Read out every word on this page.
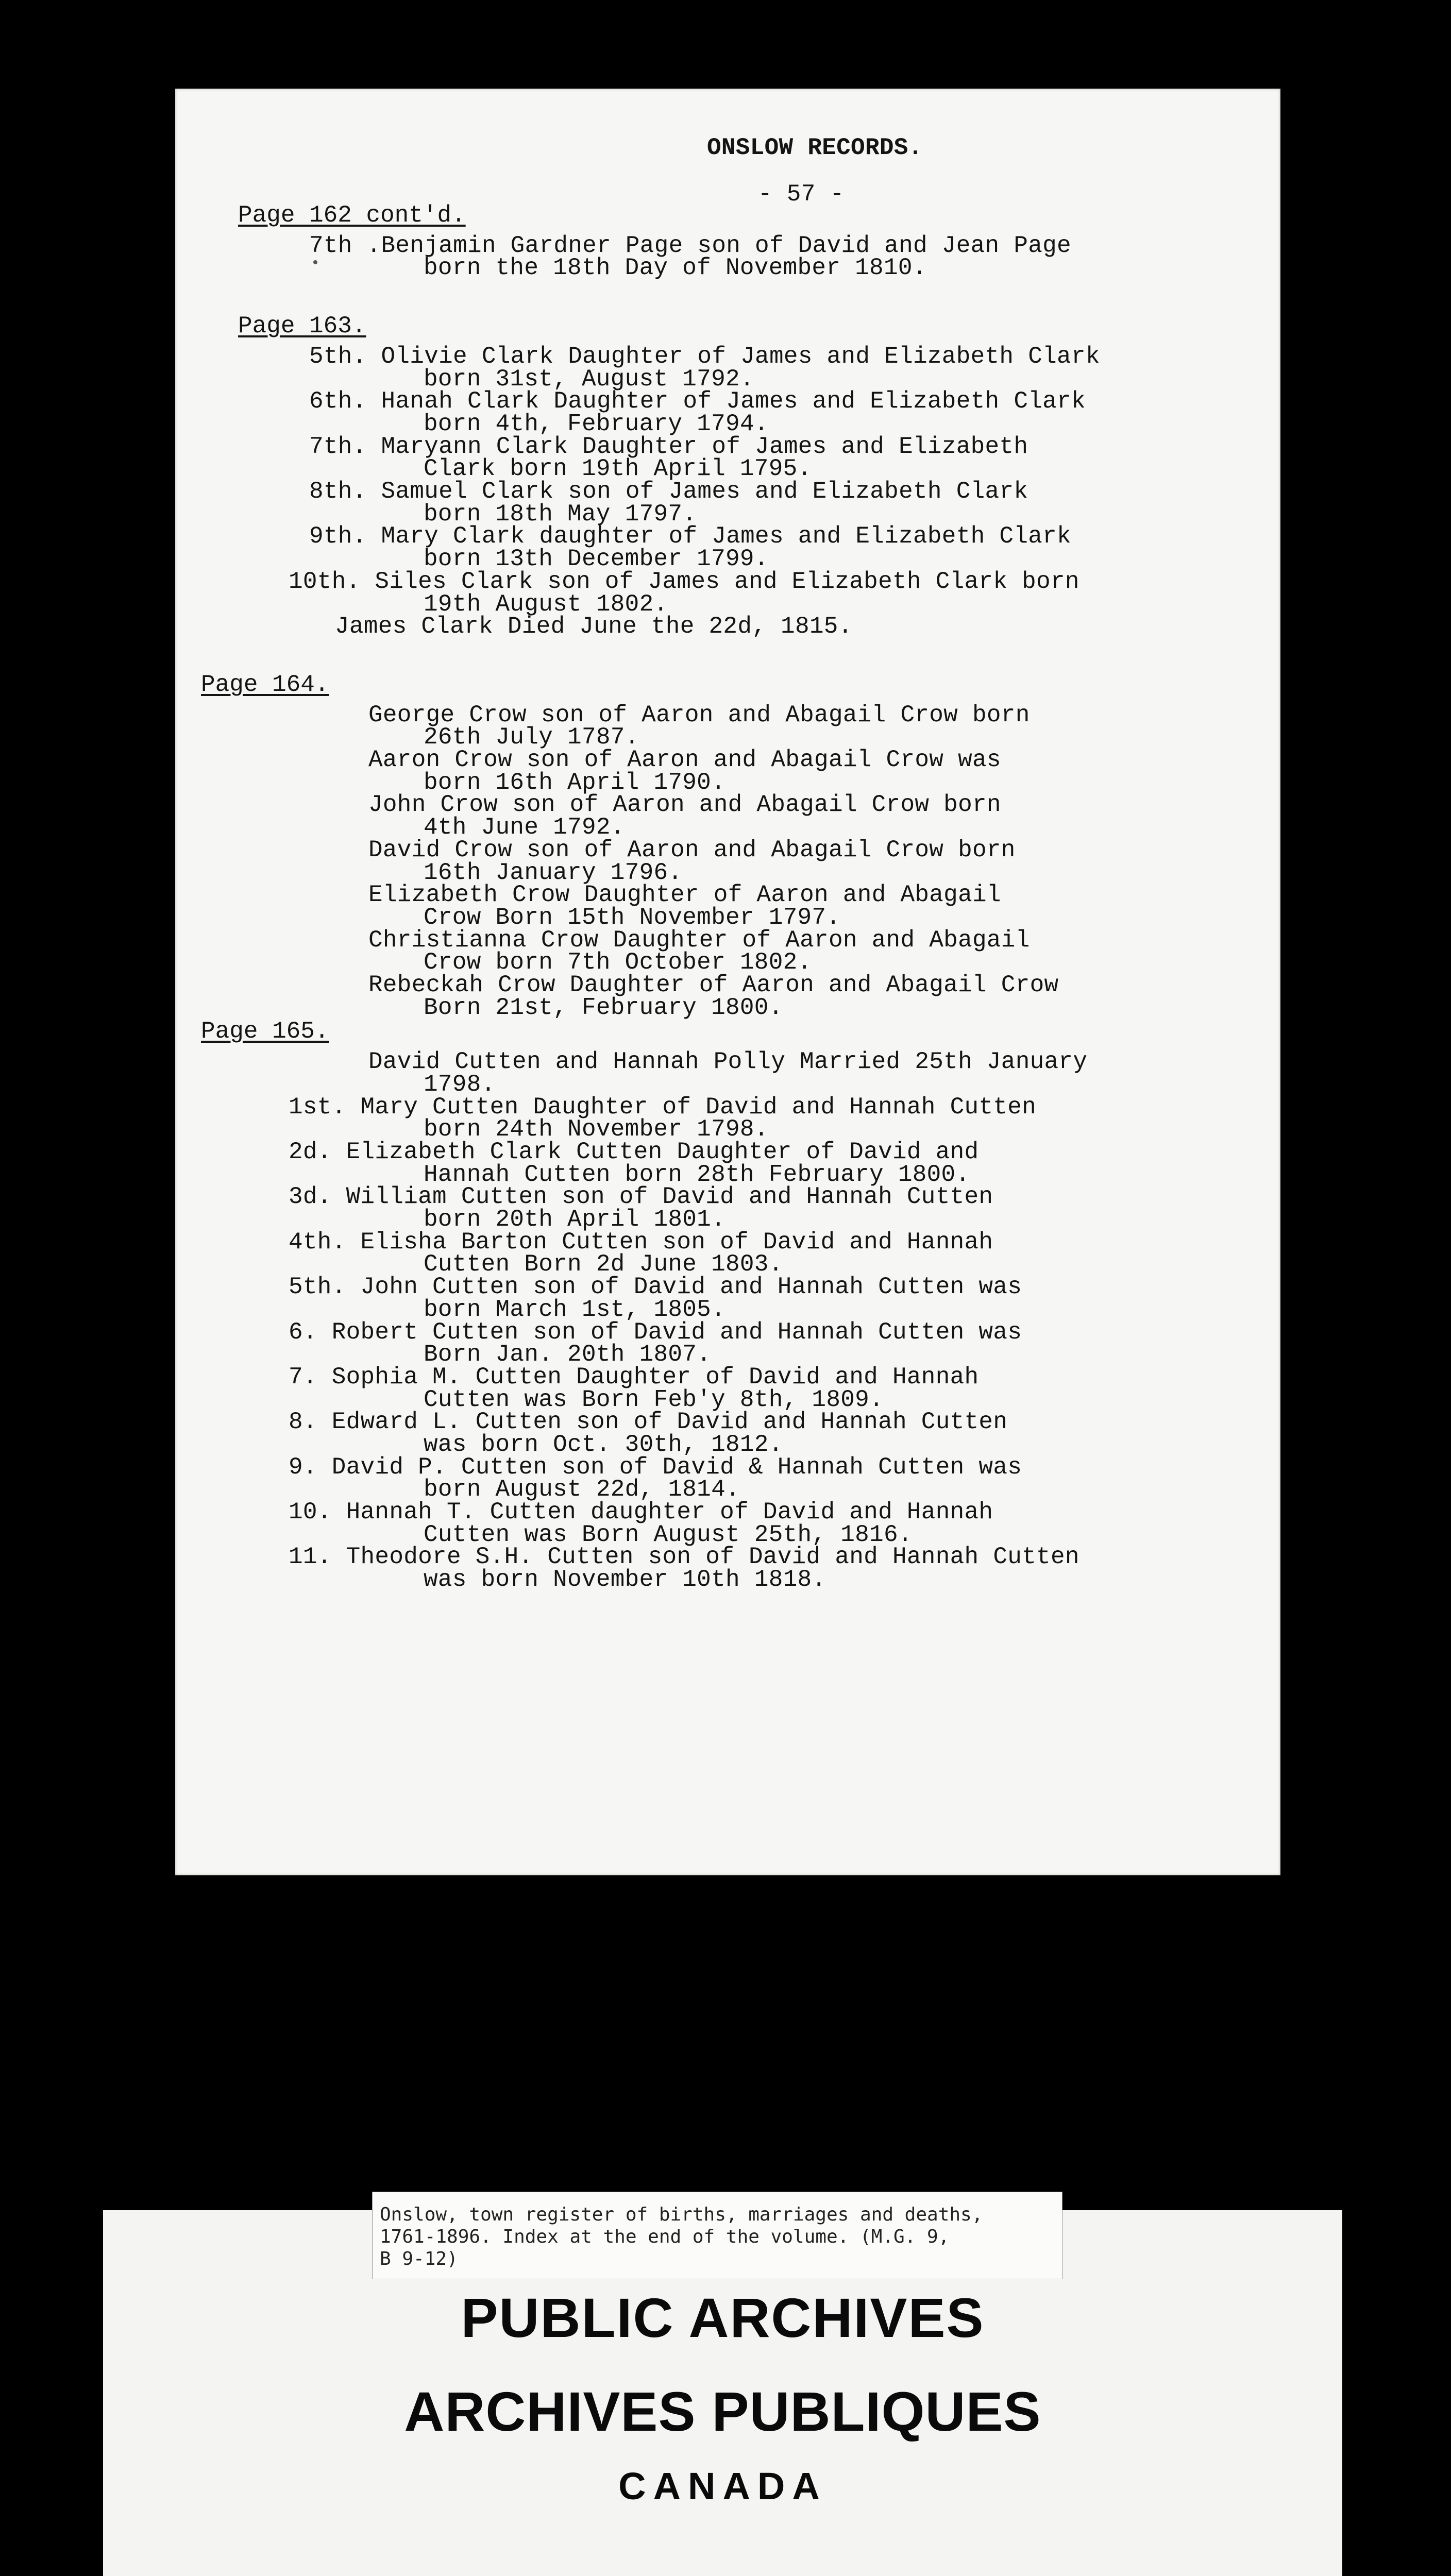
ONSLOW RECORDS.
- 57 -
Page 162 cont'd.
7th .Benjamin Gardner Page son of David and Jean Page
born the 18th Day of November 1810.
Page 163.
5th. Olivie Clark Daughter of James and Elizabeth Clark
born 31st, August 1792.
6th. Hanah Clark Daughter of James and Elizabeth Clark
born 4th, February 1794.
7th. Maryann Clark Daughter of James and Elizabeth
Clark born 19th April 1795.
8th. Samuel Clark son of James and Elizabeth Clark
born 18th May 1797.
9th. Mary Clark daughter of James and Elizabeth Clark
born 13th December 1799.
10th. Siles Clark son of James and Elizabeth Clark born
19th August 1802.
James Clark Died June the 22d, 1815.
Page 164.
George Crow son of Aaron and Abagail Crow born
26th July 1787.
Aaron Crow son of Aaron and Abagail Crow was
born 16th April 1790.
John Crow son of Aaron and Abagail Crow born
4th June 1792.
David Crow son of Aaron and Abagail Crow born
16th January 1796.
Elizabeth Crow Daughter of Aaron and Abagail
Crow Born 15th November 1797.
Christianna Crow Daughter of Aaron and Abagail
Crow born 7th October 1802.
Rebeckah Crow Daughter of Aaron and Abagail Crow
Born 21st, February 1800.
Page 165.
David Cutten and Hannah Polly Married 25th January
1798.
1st. Mary Cutten Daughter of David and Hannah Cutten
born 24th November 1798.
2d. Elizabeth Clark Cutten Daughter of David and
Hannah Cutten born 28th February 1800.
3d. William Cutten son of David and Hannah Cutten
born 20th April 1801.
4th. Elisha Barton Cutten son of David and Hannah
Cutten Born 2d June 1803.
5th. John Cutten son of David and Hannah Cutten was
born March 1st, 1805.
6. Robert Cutten son of David and Hannah Cutten was
Born Jan. 20th 1807.
7. Sophia M. Cutten Daughter of David and Hannah
Cutten was Born Feb'y 8th, 1809.
8. Edward L. Cutten son of David and Hannah Cutten
was born Oct. 30th, 1812.
9. David P. Cutten son of David & Hannah Cutten was
born August 22d, 1814.
10. Hannah T. Cutten daughter of David and Hannah
Cutten was Born August 25th, 1816.
11. Theodore S.H. Cutten son of David and Hannah Cutten
was born November 10th 1818.
PUBLIC ARCHIVES
ARCHIVES PUBLIQUES
CANADA
Onslow, town register of births, marriages and deaths,
1761-1896. Index at the end of the volume. (M.G. 9,
B 9-12)
